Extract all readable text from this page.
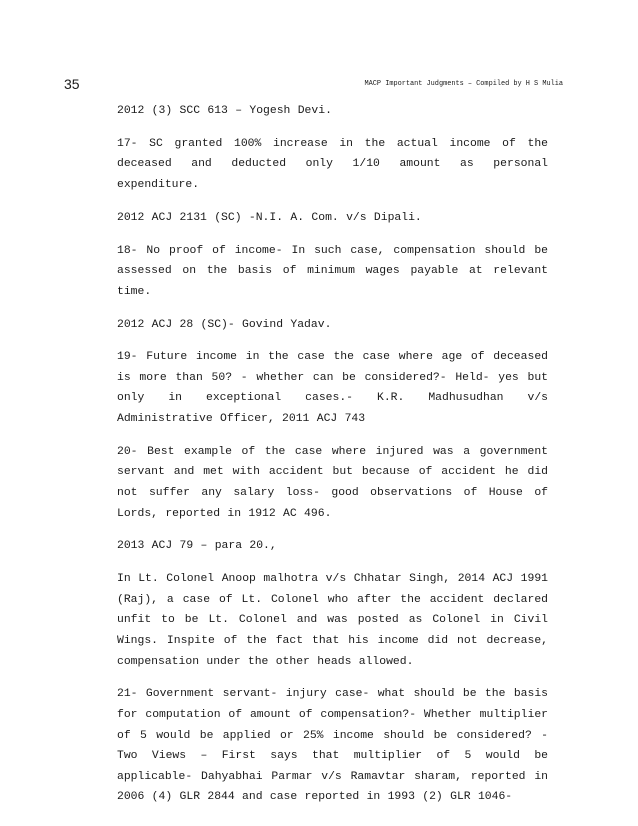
35	MACP Important Judgments – Compiled by H S Mulia

2012 (3) SCC 613 – Yogesh Devi.

17- SC granted 100% increase in the actual income of the deceased and deducted only 1/10 amount as personal expenditure.

2012 ACJ 2131 (SC) -N.I. A. Com. v/s Dipali.

18- No proof of income- In such case, compensation should be assessed on the basis of minimum wages payable at relevant time.

2012 ACJ 28 (SC)- Govind Yadav.

19- Future income in the case the case where age of deceased is more than 50? - whether can be considered?- Held- yes but only in exceptional cases.- K.R. Madhusudhan v/s Administrative Officer, 2011 ACJ 743

20- Best example of the case where injured was a government servant and met with accident but because of accident he did not suffer any salary loss- good observations of House of Lords, reported in 1912 AC 496.

2013 ACJ 79 – para 20.,

In Lt. Colonel Anoop malhotra v/s Chhatar Singh, 2014 ACJ 1991 (Raj), a case of Lt. Colonel who after the accident declared unfit to be Lt. Colonel and was posted as Colonel in Civil Wings. Inspite of the fact that his income did not decrease, compensation under the other heads allowed.

21- Government servant- injury case- what should be the basis for computation of amount of compensation?- Whether multiplier of 5 would be applied or 25% income should be considered? - Two Views – First says that multiplier of 5 would be applicable- Dahyabhai Parmar v/s Ramavtar sharam, reported in 2006 (4) GLR 2844 and case reported in 1993 (2) GLR 1046-
